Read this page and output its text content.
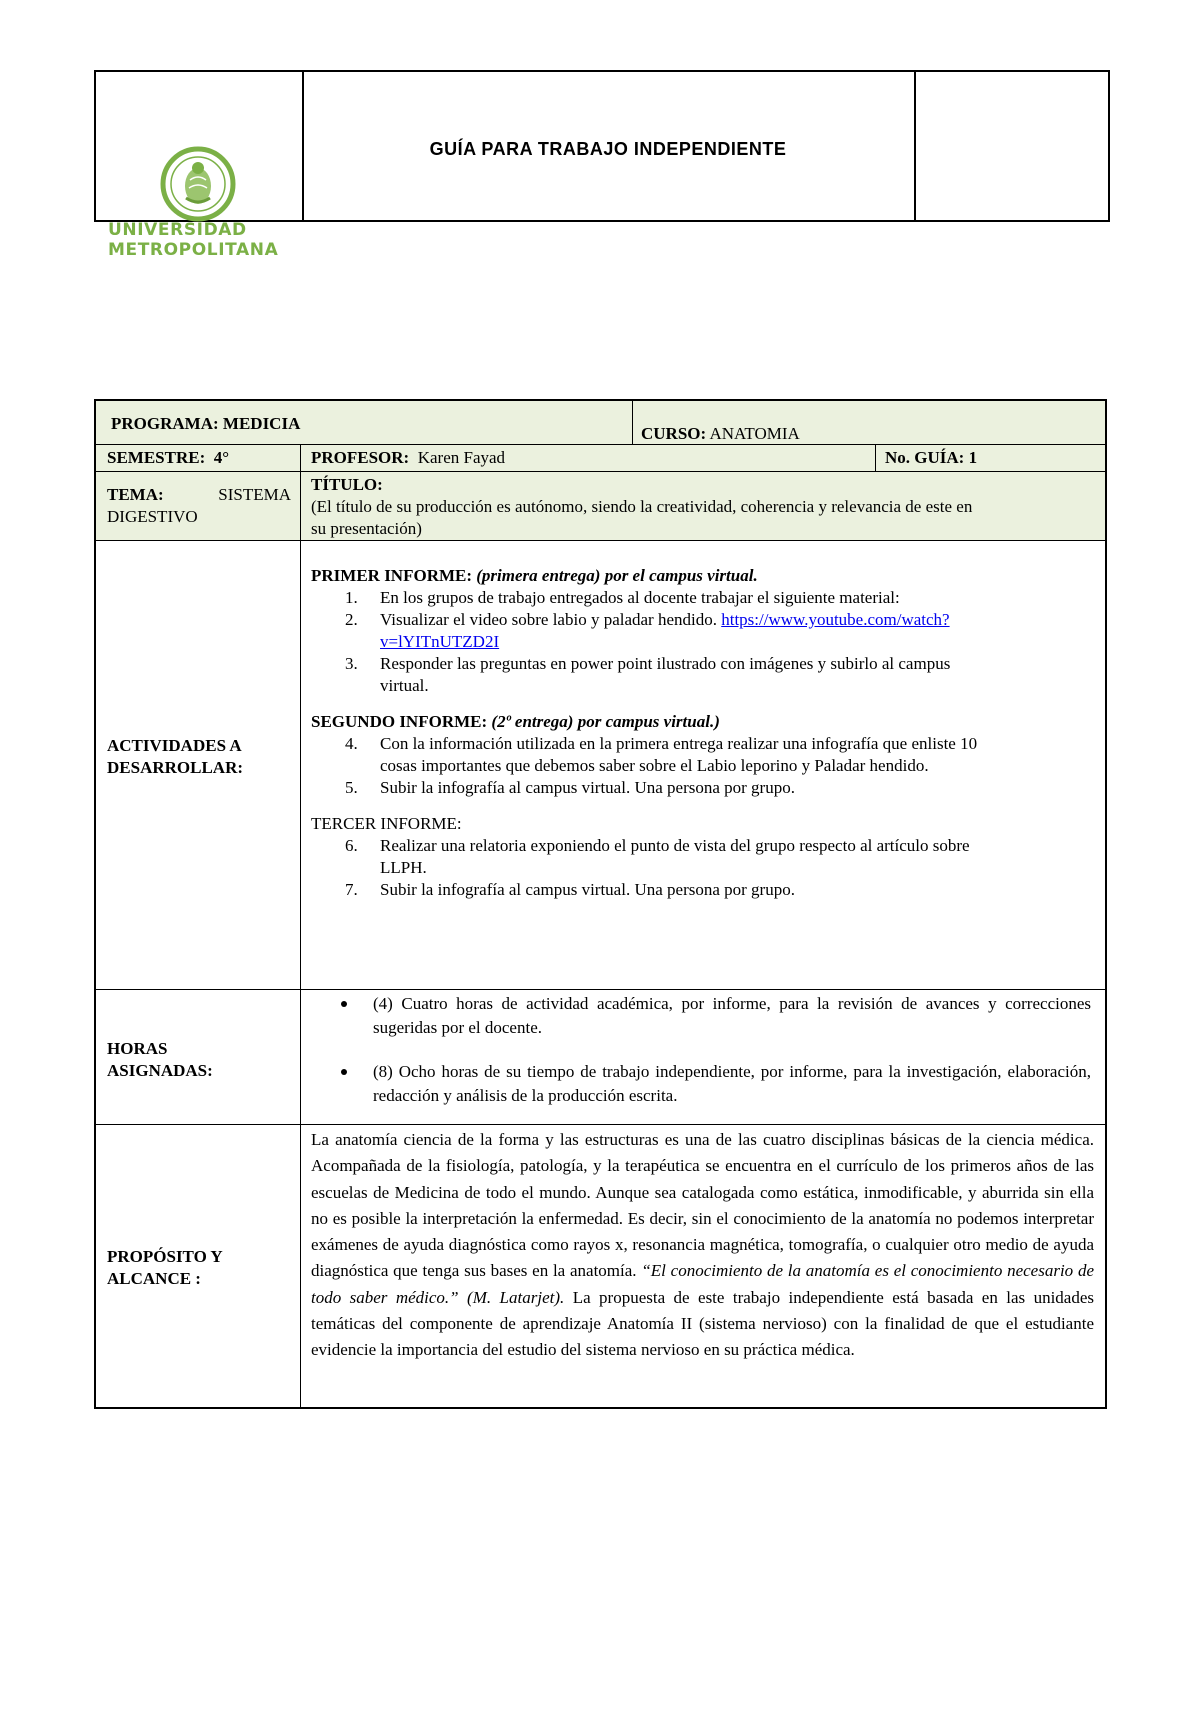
GUÍA PARA TRABAJO INDEPENDIENTE
UNIVERSIDAD
METROPOLITANA
PROGRAMA: MEDICIA
CURSO: ANATOMIA
SEMESTRE: 4°	PROFESOR: Karen Fayad	No. GUÍA: 1
TEMA:	SISTEMA
DIGESTIVO
TÍTULO:
(El título de su producción es autónomo, siendo la creatividad, coherencia y relevancia de este en
su presentación)
ACTIVIDADES A
DESARROLLAR:
PRIMER INFORME: (primera entrega) por el campus virtual.
1. En los grupos de trabajo entregados al docente trabajar el siguiente material:
2. Visualizar el video sobre labio y paladar hendido. https://www.youtube.com/watch?
v=lYITnUTZD2I
3. Responder las preguntas en power point ilustrado con imágenes y subirlo al campus
virtual.
SEGUNDO INFORME: (2º entrega) por campus virtual.)
4. Con la información utilizada en la primera entrega realizar una infografía que enliste 10
cosas importantes que debemos saber sobre el Labio leporino y Paladar hendido.
5. Subir la infografía al campus virtual. Una persona por grupo.
TERCER INFORME:
6. Realizar una relatoria exponiendo el punto de vista del grupo respecto al artículo sobre
LLPH.
7. Subir la infografía al campus virtual. Una persona por grupo.
HORAS
ASIGNADAS:
(4) Cuatro horas de actividad académica, por informe, para la revisión de avances y correcciones sugeridas por el docente.
(8) Ocho horas de su tiempo de trabajo independiente, por informe, para la investigación, elaboración, redacción y análisis de la producción escrita.
PROPÓSITO Y
ALCANCE :
La anatomía ciencia de la forma y las estructuras es una de las cuatro disciplinas básicas de la ciencia médica. Acompañada de la fisiología, patología, y la terapéutica se encuentra en el currículo de los primeros años de las escuelas de Medicina de todo el mundo. Aunque sea catalogada como estática, inmodificable, y aburrida sin ella no es posible la interpretación la enfermedad. Es decir, sin el conocimiento de la anatomía no podemos interpretar exámenes de ayuda diagnóstica como rayos x, resonancia magnética, tomografía, o cualquier otro medio de ayuda diagnóstica que tenga sus bases en la anatomía. “El conocimiento de la anatomía es el conocimiento necesario de todo saber médico.” (M. Latarjet). La propuesta de este trabajo independiente está basada en las unidades temáticas del componente de aprendizaje Anatomía II (sistema nervioso) con la finalidad de que el estudiante evidencie la importancia del estudio del sistema nervioso en su práctica médica.
